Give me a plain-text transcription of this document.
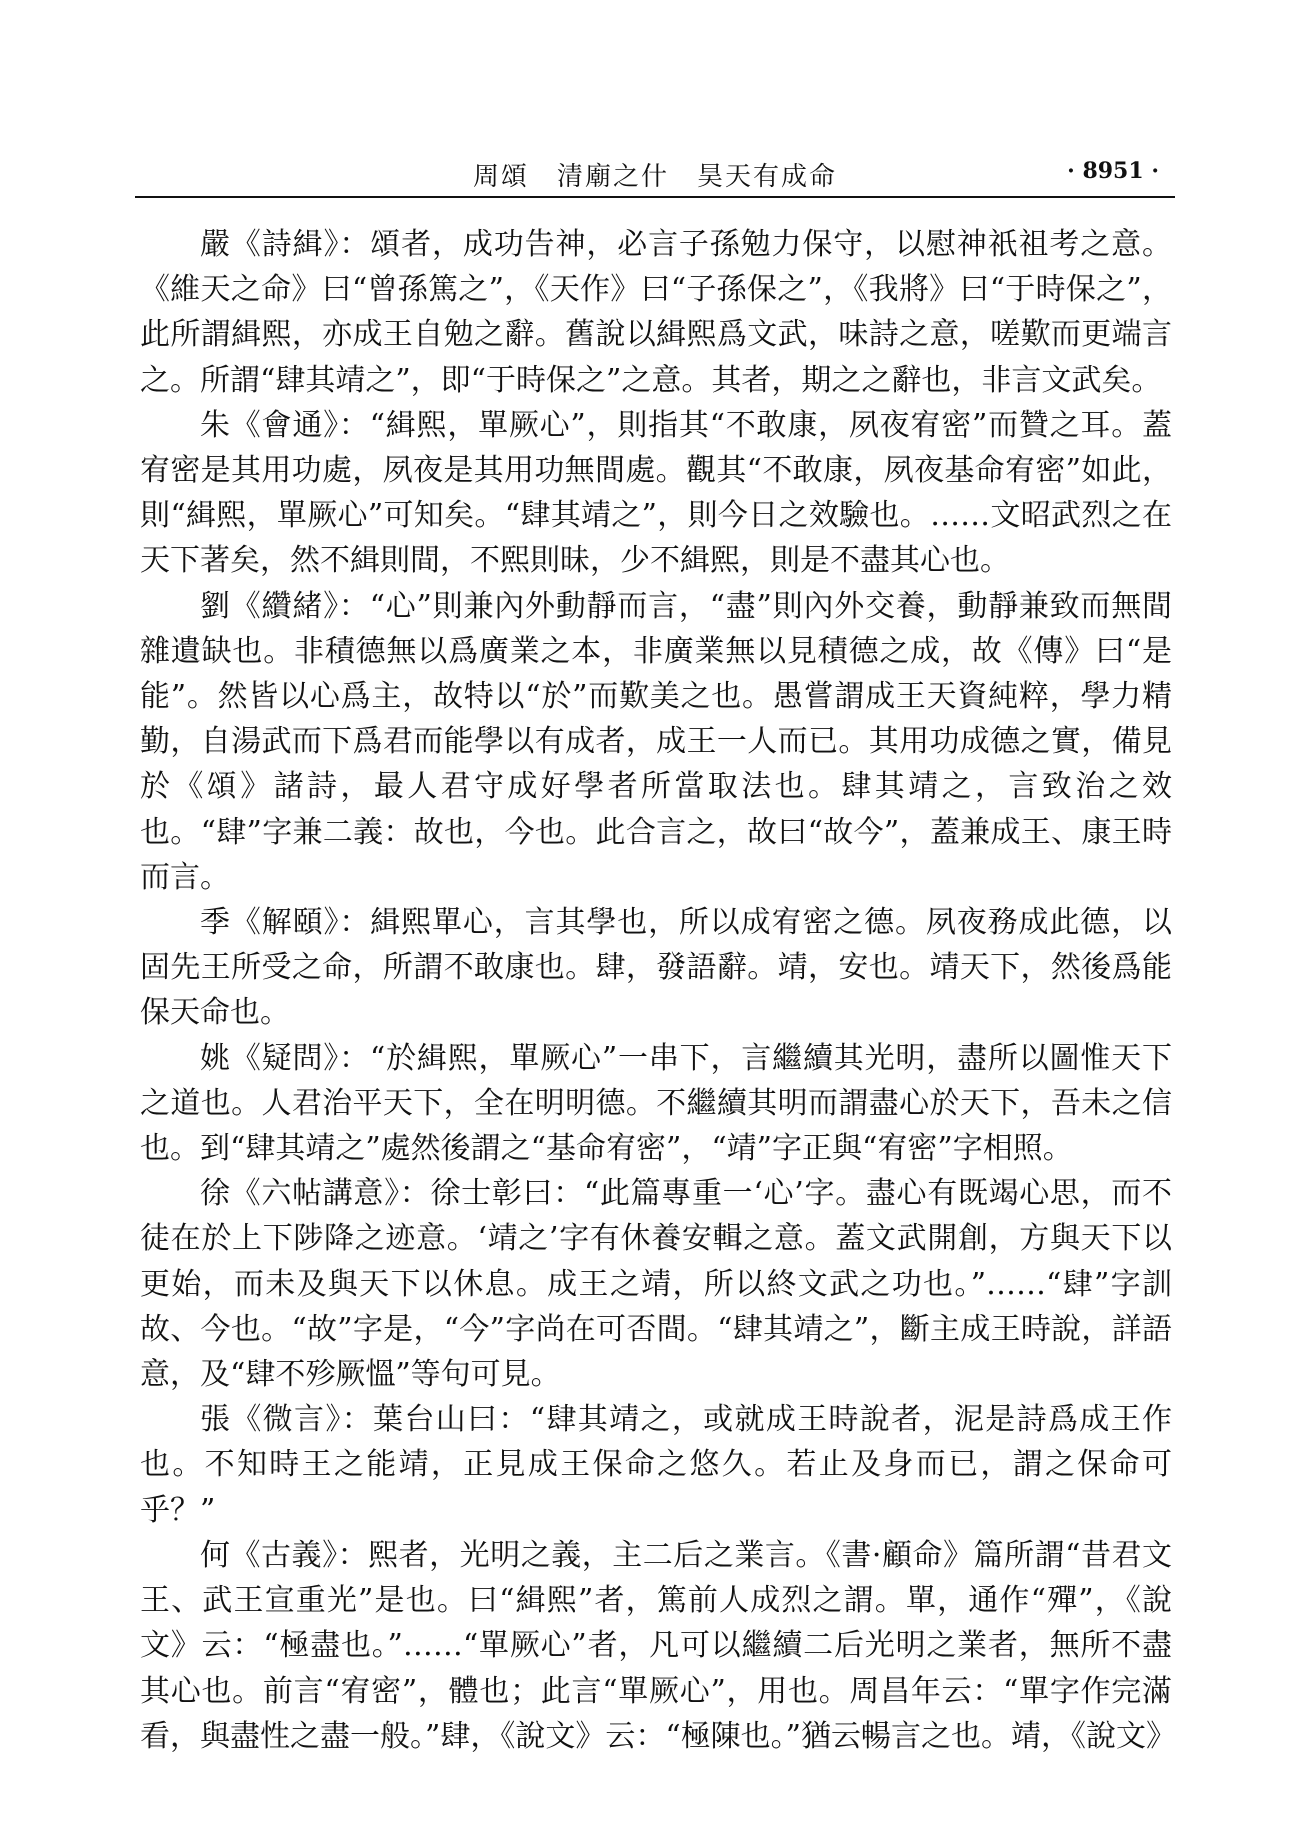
周頌　清廟之什　昊天有成命	· 8951 ·

嚴《詩緝》：頌者，成功告神，必言子孫勉力保守，以慰神祇祖考之意。《維天之命》曰“曾孫篤之”，《天作》曰“子孫保之”，《我將》曰“于時保之”，此所謂緝熙，亦成王自勉之辭。舊說以緝熙爲文武，味詩之意，嗟歎而更端言之。所謂“肆其靖之”，即“于時保之”之意。其者，期之之辭也，非言文武矣。

朱《會通》：“緝熙，單厥心”，則指其“不敢康，夙夜宥密”而贊之耳。蓋宥密是其用功處，夙夜是其用功無間處。觀其“不敢康，夙夜基命宥密”如此，則“緝熙，單厥心”可知矣。“肆其靖之”，則今日之效驗也。……文昭武烈之在天下著矣，然不緝則間，不熙則昧，少不緝熙，則是不盡其心也。

劉《纘緒》：“心”則兼內外動靜而言，“盡”則內外交養，動靜兼致而無間雜遺缺也。非積德無以爲廣業之本，非廣業無以見積德之成，故《傳》曰“是能”。然皆以心爲主，故特以“於”而歎美之也。愚嘗謂成王天資純粹，學力精勤，自湯武而下爲君而能學以有成者，成王一人而已。其用功成德之實，備見於《頌》諸詩，最人君守成好學者所當取法也。肆其靖之，言致治之效也。“肆”字兼二義：故也，今也。此合言之，故曰“故今”，蓋兼成王、康王時而言。

季《解頤》：緝熙單心，言其學也，所以成宥密之德。夙夜務成此德，以固先王所受之命，所謂不敢康也。肆，發語辭。靖，安也。靖天下，然後爲能保天命也。

姚《疑問》：“於緝熙，單厥心”一串下，言繼續其光明，盡所以圖惟天下之道也。人君治平天下，全在明明德。不繼續其明而謂盡心於天下，吾未之信也。到“肆其靖之”處然後謂之“基命宥密”，“靖”字正與“宥密”字相照。

徐《六帖講意》：徐士彰曰：“此篇專重一‘心’字。盡心有既竭心思，而不徒在於上下陟降之迹意。‘靖之’字有休養安輯之意。蓋文武開創，方與天下以更始，而未及與天下以休息。成王之靖，所以終文武之功也。”……“肆”字訓故、今也。“故”字是，“今”字尚在可否間。“肆其靖之”，斷主成王時說，詳語意，及“肆不殄厥慍”等句可見。

張《微言》：葉台山曰：“肆其靖之，或就成王時說者，泥是詩爲成王作也。不知時王之能靖，正見成王保命之悠久。若止及身而已，謂之保命可乎？”

何《古義》：熙者，光明之義，主二后之業言。《書·顧命》篇所謂“昔君文王、武王宣重光”是也。曰“緝熙”者，篤前人成烈之謂。單，通作“殫”，《說文》云：“極盡也。”……“單厥心”者，凡可以繼續二后光明之業者，無所不盡其心也。前言“宥密”，體也；此言“單厥心”，用也。周昌年云：“單字作完滿看，與盡性之盡一般。”肆，《說文》云：“極陳也。”猶云暢言之也。靖，《說文》
